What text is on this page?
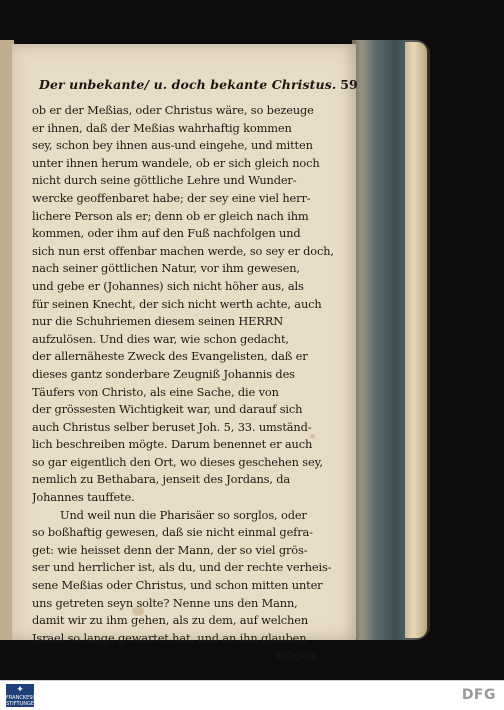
Der unbekante/ u. doch bekante Christus. 59
ob er der Meßias, oder Christus wäre, so bezeuge
er ihnen, daß der Meßias wahrhaftig kommen
sey, schon bey ihnen aus-und eingehe, und mitten
unter ihnen herum wandele, ob er sich gleich noch
nicht durch seine göttliche Lehre und Wunder-
wercke geoffenbaret habe; der sey eine viel herr-
lichere Person als er; denn ob er gleich nach ihm
kommen, oder ihm auf den Fuß nachfolgen und
sich nun erst offenbar machen werde, so sey er doch,
nach seiner göttlichen Natur, vor ihm gewesen,
und gebe er (Johannes) sich nicht höher aus, als
für seinen Knecht, der sich nicht werth achte, auch
nur die Schuhriemen diesem seinen HERRN
aufzulösen. Und dies war, wie schon gedacht,
der allernäheste Zweck des Evangelisten, daß er
dieses gantz sonderbare Zeugniß Johannis des
Täufers von Christo, als eine Sache, die von
der grössesten Wichtigkeit war, und darauf sich
auch Christus selber beruset Joh. 5, 33. umständ-
lich beschreiben mögte. Darum benennet er auch
so gar eigentlich den Ort, wo dieses geschehen sey,
nemlich zu Bethabara, jenseit des Jordans, da
Johannes tauffete.
Und weil nun die Pharisäer so sorglos, oder
so boßhaftig gewesen, daß sie nicht einmal gefra-
get: wie heisset denn der Mann, der so viel grös-
ser und herrlicher ist, als du, und der rechte verheis-
sene Meßias oder Christus, und schon mitten unter
uns getreten seyn solte? Nenne uns den Mann,
damit wir zu ihm gehen, als zu dem, auf welchen
Jsrael so lange gewartet hat, und an ihn glauben
mögen:
✦
FRANCKESCHE STIFTUNGEN
DFG
